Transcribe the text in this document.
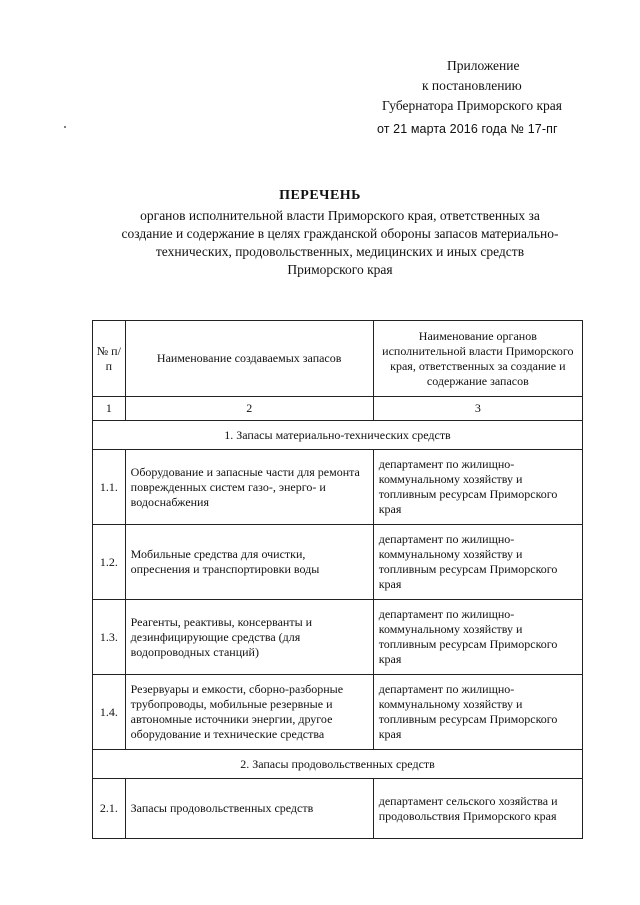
Приложение
к постановлению
Губернатора Приморского края
от 21 марта 2016 года № 17-пг
ПЕРЕЧЕНЬ
органов исполнительной власти Приморского края, ответственных за
создание и содержание в целях гражданской обороны запасов материально-
технических, продовольственных, медицинских и иных средств
Приморского края
№ п/п	Наименование создаваемых запасов	Наименование органов исполнительной власти Приморского края, ответственных за создание и содержание запасов
1	2	3
1. Запасы материально-технических средств		
1.1.	Оборудование и запасные части для ремонта поврежденных систем газо-, энерго- и водоснабжения	департамент по жилищно-коммунальному хозяйству и топливным ресурсам Приморского края
1.2.	Мобильные средства для очистки, опреснения и транспортировки воды	департамент по жилищно-коммунальному хозяйству и топливным ресурсам Приморского края
1.3.	Реагенты, реактивы, консерванты и дезинфицирующие средства (для водопроводных станций)	департамент по жилищно-коммунальному хозяйству и топливным ресурсам Приморского края
1.4.	Резервуары и емкости, сборно-разборные трубопроводы, мобильные резервные и автономные источники энергии, другое оборудование и технические средства	департамент по жилищно-коммунальному хозяйству и топливным ресурсам Приморского края
2. Запасы продовольственных средств		
2.1.	Запасы продовольственных средств	департамент сельского хозяйства и продовольствия Приморского края
